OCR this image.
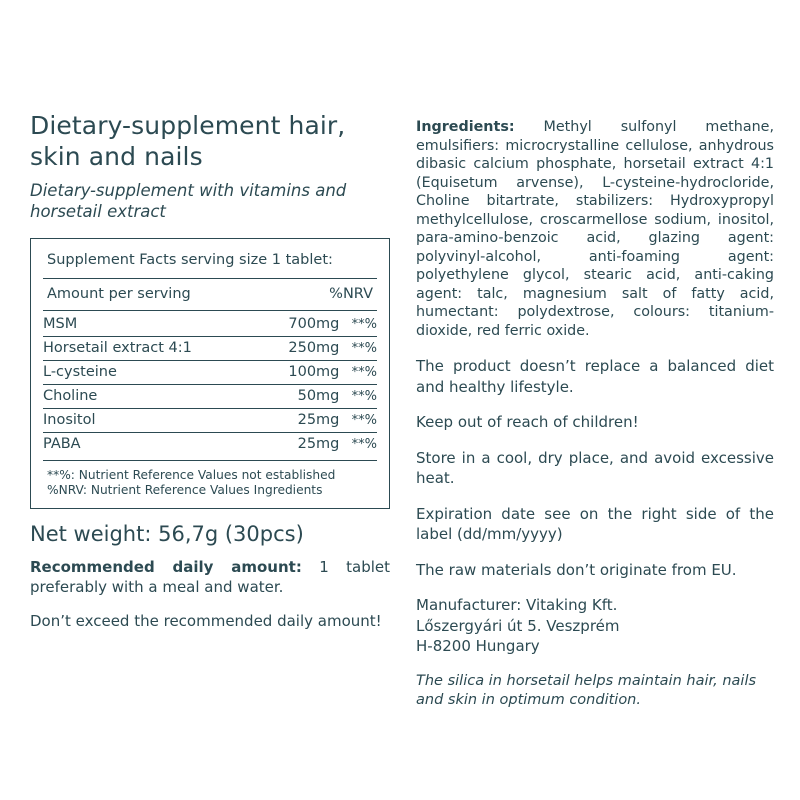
Dietary-supplement hair, skin and nails
Dietary-supplement with vitamins and horsetail extract
Supplement Facts serving size 1 tablet:
Amount per serving	%NRV
MSM	700mg	**%
Horsetail extract 4:1	250mg	**%
L-cysteine	100mg	**%
Choline	50mg	**%
Inositol	25mg	**%
PABA	25mg	**%
**%: Nutrient Reference Values not established
%NRV: Nutrient Reference Values Ingredients
Net weight: 56,7g (30pcs)

Recommended daily amount: 1 tablet preferably with a meal and water.

Don’t exceed the recommended daily amount!

Ingredients: Methyl sulfonyl methane, emulsifiers: microcrystalline cellulose, anhydrous dibasic calcium phosphate, horsetail extract 4:1 (Equisetum arvense), L-cysteine-hydrocloride, Choline bitartrate, stabilizers: Hydroxypropyl methylcellulose, croscarmellose sodium, inositol, para-amino-benzoic acid, glazing agent: polyvinyl-alcohol, anti-foaming agent: polyethylene glycol, stearic acid, anti-caking agent: talc, magnesium salt of fatty acid, humectant: polydextrose, colours: titanium-dioxide, red ferric oxide.

The product doesn’t replace a balanced diet and healthy lifestyle.

Keep out of reach of children!

Store in a cool, dry place, and avoid excessive heat.

Expiration date see on the right side of the label (dd/mm/yyyy)

The raw materials don’t originate from EU.

Manufacturer: Vitaking Kft.
Lőszergyári út 5. Veszprém
H-8200 Hungary

The silica in horsetail helps maintain hair, nails and skin in optimum condition.
